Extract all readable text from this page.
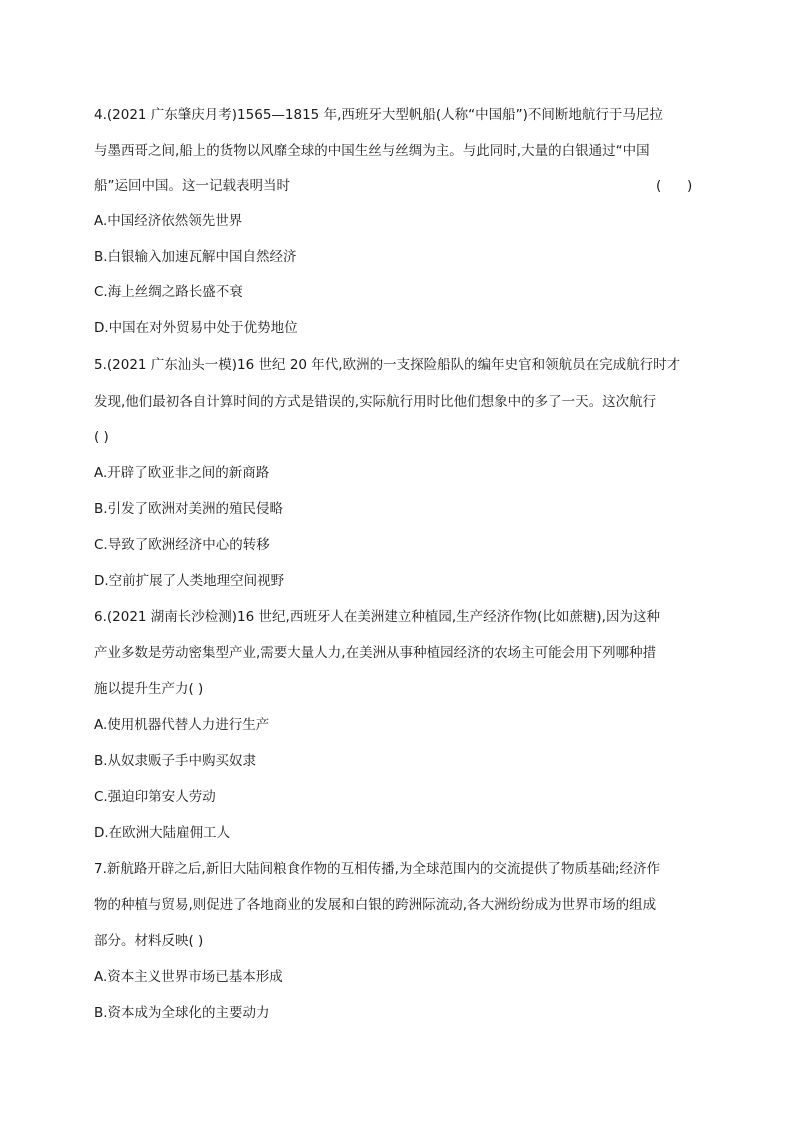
4.(2021 广东肇庆月考)1565—1815 年,西班牙大型帆船(人称“中国船”)不间断地航行于马尼拉
与墨西哥之间,船上的货物以风靡全球的中国生丝与丝绸为主。与此同时,大量的白银通过“中国
船”运回中国。这一记载表明当时	(      )
A.中国经济依然领先世界
B.白银输入加速瓦解中国自然经济
C.海上丝绸之路长盛不衰
D.中国在对外贸易中处于优势地位
5.(2021 广东汕头一模)16 世纪 20 年代,欧洲的一支探险船队的编年史官和领航员在完成航行时才
发现,他们最初各自计算时间的方式是错误的,实际航行用时比他们想象中的多了一天。这次航行
( )
A.开辟了欧亚非之间的新商路
B.引发了欧洲对美洲的殖民侵略
C.导致了欧洲经济中心的转移
D.空前扩展了人类地理空间视野
6.(2021 湖南长沙检测)16 世纪,西班牙人在美洲建立种植园,生产经济作物(比如蔗糖),因为这种
产业多数是劳动密集型产业,需要大量人力,在美洲从事种植园经济的农场主可能会用下列哪种措
施以提升生产力( )
A.使用机器代替人力进行生产
B.从奴隶贩子手中购买奴隶
C.强迫印第安人劳动
D.在欧洲大陆雇佣工人
7.新航路开辟之后,新旧大陆间粮食作物的互相传播,为全球范围内的交流提供了物质基础;经济作
物的种植与贸易,则促进了各地商业的发展和白银的跨洲际流动,各大洲纷纷成为世界市场的组成
部分。材料反映( )
A.资本主义世界市场已基本形成
B.资本成为全球化的主要动力
